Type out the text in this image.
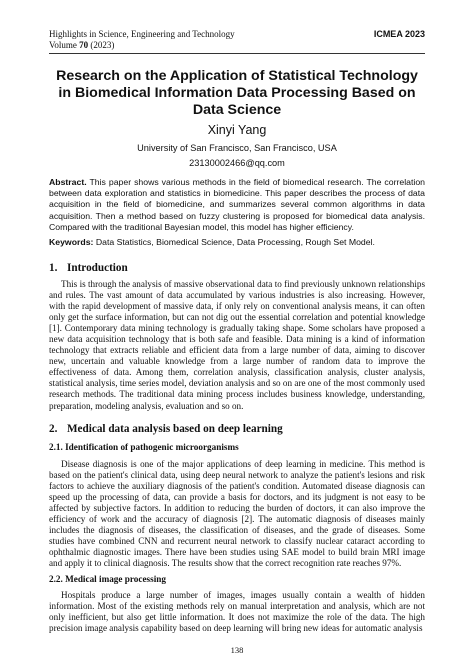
Highlights in Science, Engineering and Technology
Volume 70 (2023)
ICMEA 2023
Research on the Application of Statistical Technology in Biomedical Information Data Processing Based on Data Science
Xinyi Yang
University of San Francisco, San Francisco, USA
23130002466@qq.com
Abstract. This paper shows various methods in the field of biomedical research. The correlation between data exploration and statistics in biomedicine. This paper describes the process of data acquisition in the field of biomedicine, and summarizes several common algorithms in data acquisition. Then a method based on fuzzy clustering is proposed for biomedical data analysis. Compared with the traditional Bayesian model, this model has higher efficiency.
Keywords: Data Statistics, Biomedical Science, Data Processing, Rough Set Model.
1. Introduction

This is through the analysis of massive observational data to find previously unknown relationships and rules. The vast amount of data accumulated by various industries is also increasing. However, with the rapid development of massive data, if only rely on conventional analysis means, it can often only get the surface information, but can not dig out the essential correlation and potential knowledge [1]. Contemporary data mining technology is gradually taking shape. Some scholars have proposed a new data acquisition technology that is both safe and feasible. Data mining is a kind of information technology that extracts reliable and efficient data from a large number of data, aiming to discover new, uncertain and valuable knowledge from a large number of random data to improve the effectiveness of data. Among them, correlation analysis, classification analysis, cluster analysis, statistical analysis, time series model, deviation analysis and so on are one of the most commonly used research methods. The traditional data mining process includes business knowledge, understanding, preparation, modeling analysis, evaluation and so on.

2. Medical data analysis based on deep learning
2.1. Identification of pathogenic microorganisms

Disease diagnosis is one of the major applications of deep learning in medicine. This method is based on the patient's clinical data, using deep neural network to analyze the patient's lesions and risk factors to achieve the auxiliary diagnosis of the patient's condition. Automated disease diagnosis can speed up the processing of data, can provide a basis for doctors, and its judgment is not easy to be affected by subjective factors. In addition to reducing the burden of doctors, it can also improve the efficiency of work and the accuracy of diagnosis [2]. The automatic diagnosis of diseases mainly includes the diagnosis of diseases, the classification of diseases, and the grade of diseases. Some studies have combined CNN and recurrent neural network to classify nuclear cataract according to ophthalmic diagnostic images. There have been studies using SAE model to build brain MRI image and apply it to clinical diagnosis. The results show that the correct recognition rate reaches 97%.

2.2. Medical image processing

Hospitals produce a large number of images, images usually contain a wealth of hidden information. Most of the existing methods rely on manual interpretation and analysis, which are not only inefficient, but also get little information. It does not maximize the role of the data. The high precision image analysis capability based on deep learning will bring new ideas for automatic analysis

138
